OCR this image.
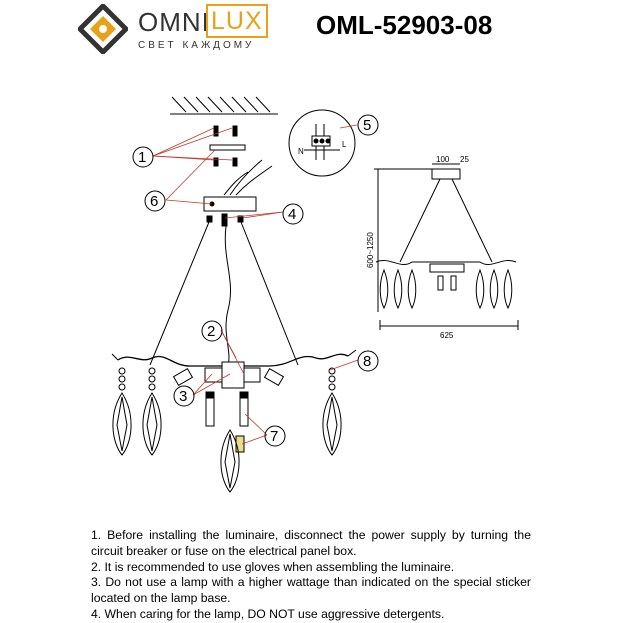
OMNI LUX
СВЕТ КАЖДОМУ
OML-52903-08
1
2
3
4
5
6
7
8
N
L
100 25
600~1250
625

1. Before installing the luminaire, disconnect the power supply by turning the circuit breaker or fuse on the electrical panel box.

2. It is recommended to use gloves when assembling the luminaire.

3. Do not use a lamp with a higher wattage than indicated on the special sticker located on the lamp base.

4. When caring for the lamp, DO NOT use aggressive detergents.
